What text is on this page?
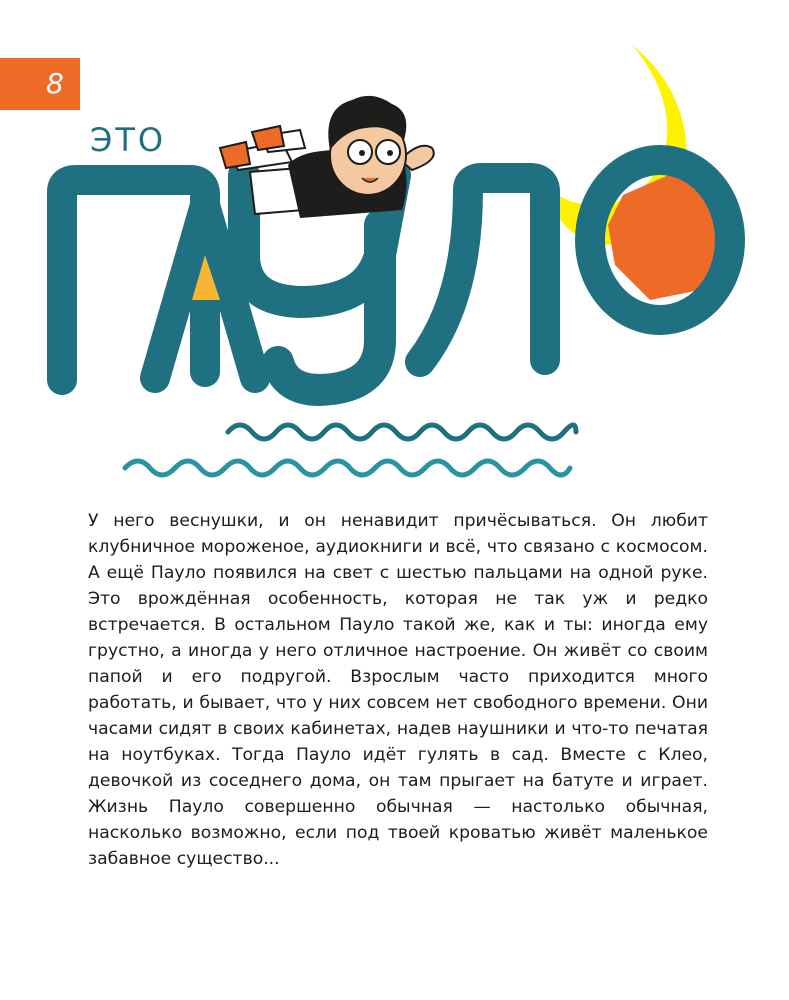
8
ЭТО

У него веснушки, и он ненавидит причёсываться. Он любит клубничное мороженое, аудиокниги и всё, что связано с космосом. А ещё Пауло появился на свет с шестью пальцами на одной руке. Это врождённая особенность, которая не так уж и редко встречается. В остальном Пауло такой же, как и ты: иногда ему грустно, а иногда у него отличное настроение. Он живёт со своим папой и его подругой. Взрослым часто приходится много работать, и бывает, что у них совсем нет свободного времени. Они часами сидят в своих кабинетах, надев наушники и что-то печатая на ноутбуках. Тогда Пауло идёт гулять в сад. Вместе с Клео, девочкой из соседнего дома, он там прыгает на батуте и играет. Жизнь Пауло совершенно обычная — настолько обычная, насколько возможно, если под твоей кроватью живёт маленькое забавное существо...
